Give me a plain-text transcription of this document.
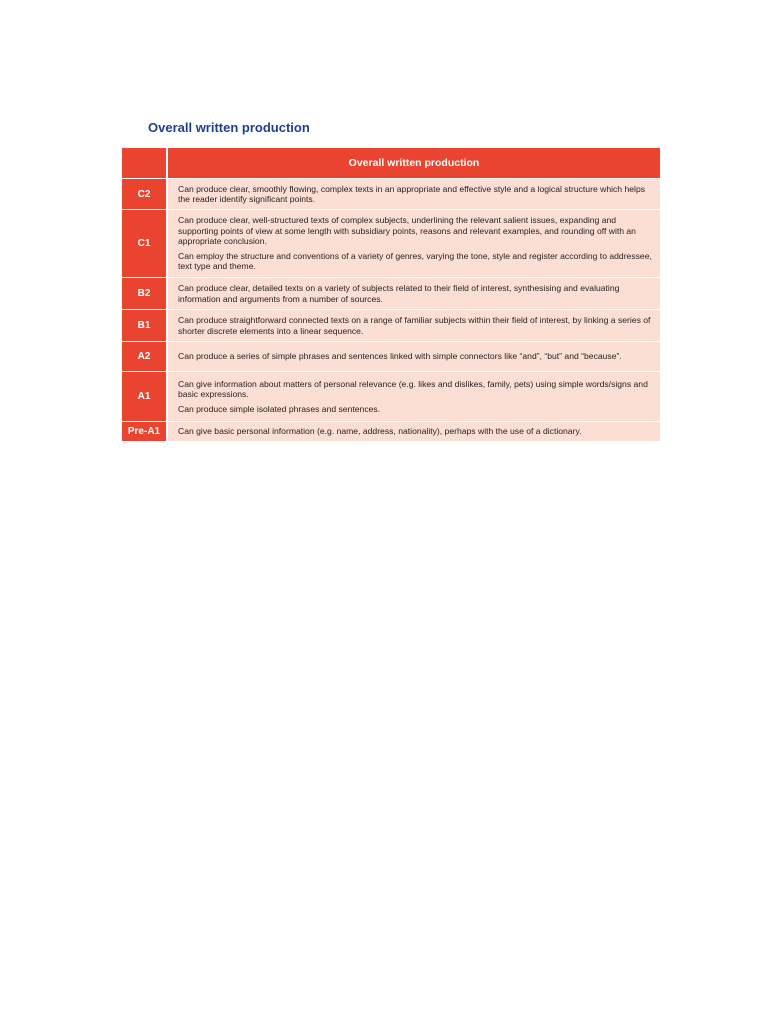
Overall written production
	Overall written production
C2	Can produce clear, smoothly flowing, complex texts in an appropriate and effective style and a logical structure which helps the reader identify significant points.

C1	Can produce clear, well-structured texts of complex subjects, underlining the relevant salient issues, expanding and supporting points of view at some length with subsidiary points, reasons and relevant examples, and rounding off with an appropriate conclusion.

Can employ the structure and conventions of a variety of genres, varying the tone, style and register according to addressee, text type and theme.

B2	Can produce clear, detailed texts on a variety of subjects related to their field of interest, synthesising and evaluating information and arguments from a number of sources.

B1	Can produce straightforward connected texts on a range of familiar subjects within their field of interest, by linking a series of shorter discrete elements into a linear sequence.

A2	Can produce a series of simple phrases and sentences linked with simple connectors like “and”, “but” and “because”.

A1	Can give information about matters of personal relevance (e.g. likes and dislikes, family, pets) using simple words/signs and basic expressions.

Can produce simple isolated phrases and sentences.

Pre-A1	Can give basic personal information (e.g. name, address, nationality), perhaps with the use of a dictionary.
